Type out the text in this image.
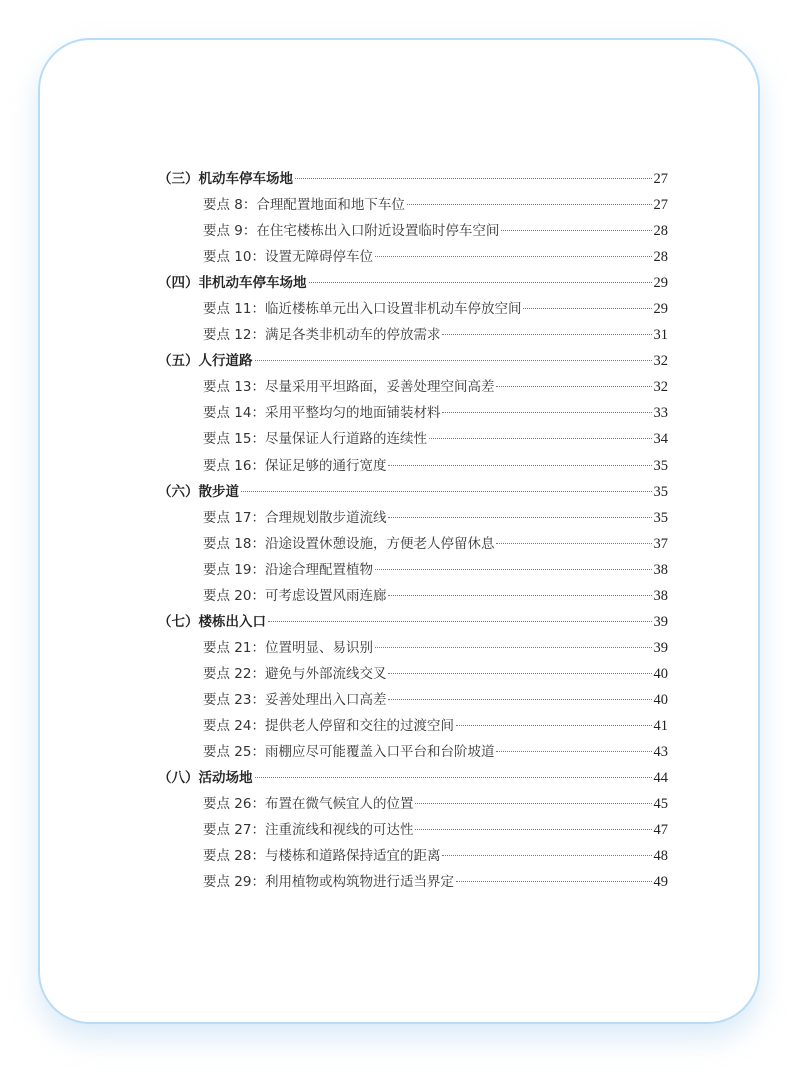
（三）机动车停车场地	27
要点 8：合理配置地面和地下车位	27
要点 9：在住宅楼栋出入口附近设置临时停车空间	28
要点 10：设置无障碍停车位	28
（四）非机动车停车场地	29
要点 11：临近楼栋单元出入口设置非机动车停放空间	29
要点 12：满足各类非机动车的停放需求	31
（五）人行道路	32
要点 13：尽量采用平坦路面，妥善处理空间高差	32
要点 14：采用平整均匀的地面铺装材料	33
要点 15：尽量保证人行道路的连续性	34
要点 16：保证足够的通行宽度	35
（六）散步道	35
要点 17：合理规划散步道流线	35
要点 18：沿途设置休憩设施，方便老人停留休息	37
要点 19：沿途合理配置植物	38
要点 20：可考虑设置风雨连廊	38
（七）楼栋出入口	39
要点 21：位置明显、易识别	39
要点 22：避免与外部流线交叉	40
要点 23：妥善处理出入口高差	40
要点 24：提供老人停留和交往的过渡空间	41
要点 25：雨棚应尽可能覆盖入口平台和台阶坡道	43
（八）活动场地	44
要点 26：布置在微气候宜人的位置	45
要点 27：注重流线和视线的可达性	47
要点 28：与楼栋和道路保持适宜的距离	48
要点 29：利用植物或构筑物进行适当界定	49
